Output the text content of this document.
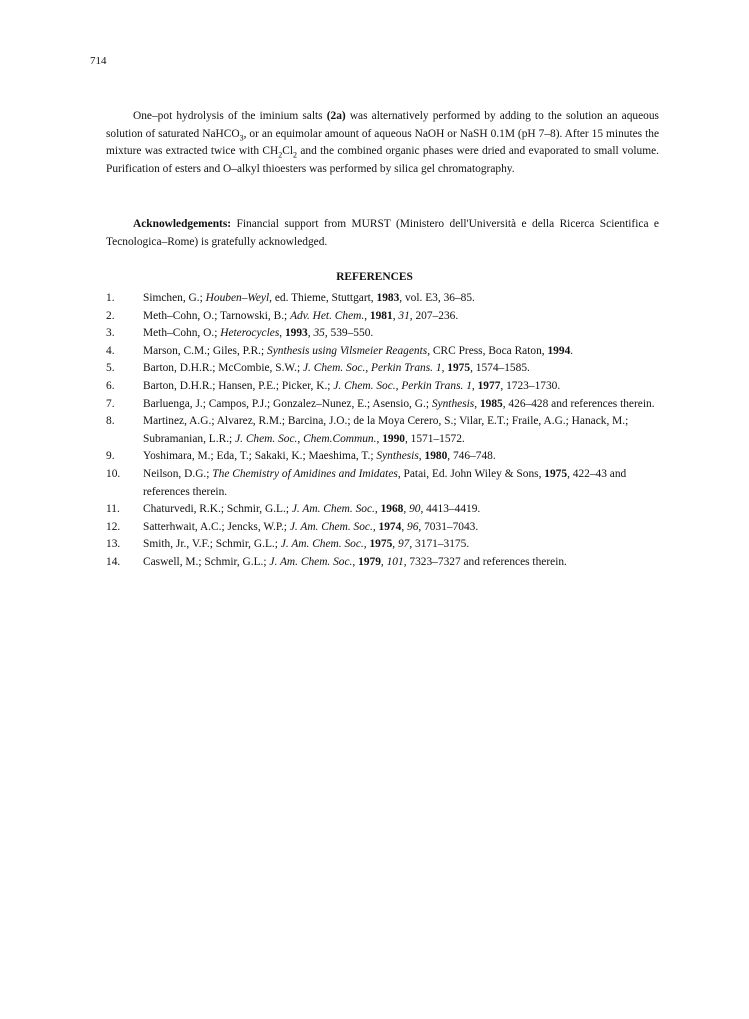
714

One–pot hydrolysis of the iminium salts (2a) was alternatively performed by adding to the solution an aqueous solution of saturated NaHCO$_3$, or an equimolar amount of aqueous NaOH or NaSH 0.1M (pH 7–8). After 15 minutes the mixture was extracted twice with $CH_2Cl_2$ and the combined organic phases were dried and evaporated to small volume. Purification of esters and O–alkyl thioesters was performed by silica gel chromatography.

Acknowledgements: Financial support from MURST (Ministero dell'Università e della Ricerca Scientifica e Tecnologica–Rome) is gratefully acknowledged.

REFERENCES
1. Simchen, G.; Houben–Weyl, ed. Thieme, Stuttgart, 1983, vol. E3, 36–85.
2. Meth–Cohn, O.; Tarnowski, B.; Adv. Het. Chem., 1981, 31, 207–236.
3. Meth–Cohn, O.; Heterocycles, 1993, 35, 539–550.
4. Marson, C.M.; Giles, P.R.; Synthesis using Vilsmeier Reagents, CRC Press, Boca Raton, 1994.
5. Barton, D.H.R.; McCombie, S.W.; J. Chem. Soc., Perkin Trans. 1, 1975, 1574–1585.
6. Barton, D.H.R.; Hansen, P.E.; Picker, K.; J. Chem. Soc., Perkin Trans. 1, 1977, 1723–1730.
7. Barluenga, J.; Campos, P.J.; Gonzalez–Nunez, E.; Asensio, G.; Synthesis, 1985, 426–428 and references therein.
8. Martinez, A.G.; Alvarez, R.M.; Barcina, J.O.; de la Moya Cerero, S.; Vilar, E.T.; Fraile, A.G.; Hanack, M.; Subramanian, L.R.; J. Chem. Soc., Chem.Commun., 1990, 1571–1572.
9. Yoshimara, M.; Eda, T.; Sakaki, K.; Maeshima, T.; Synthesis, 1980, 746–748.
10. Neilson, D.G.; The Chemistry of Amidines and Imidates, Patai, Ed. John Wiley & Sons, 1975, 422–43 and references therein.
11. Chaturvedi, R.K.; Schmir, G.L.; J. Am. Chem. Soc., 1968, 90, 4413–4419.
12. Satterhwait, A.C.; Jencks, W.P.; J. Am. Chem. Soc., 1974, 96, 7031–7043.
13. Smith, Jr., V.F.; Schmir, G.L.; J. Am. Chem. Soc., 1975, 97, 3171–3175.
14. Caswell, M.; Schmir, G.L.; J. Am. Chem. Soc., 1979, 101, 7323–7327 and references therein.
